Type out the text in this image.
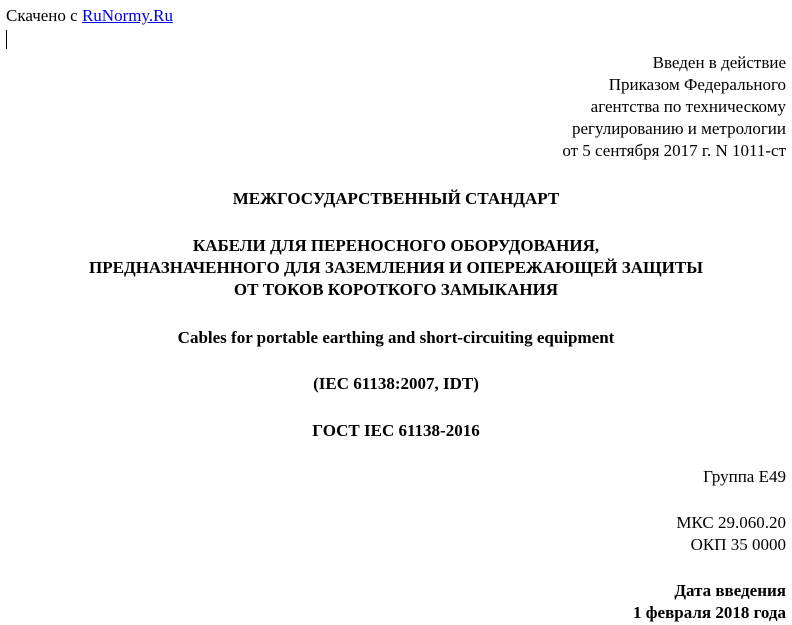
Скачено с RuNormy.Ru
Введен в действие
Приказом Федерального
агентства по техническому
регулированию и метрологии
от 5 сентября 2017 г. N 1011-ст
МЕЖГОСУДАРСТВЕННЫЙ СТАНДАРТ
КАБЕЛИ ДЛЯ ПЕРЕНОСНОГО ОБОРУДОВАНИЯ,
ПРЕДНАЗНАЧЕННОГО ДЛЯ ЗАЗЕМЛЕНИЯ И ОПЕРЕЖАЮЩЕЙ ЗАЩИТЫ
ОТ ТОКОВ КОРОТКОГО ЗАМЫКАНИЯ
Cables for portable earthing and short-circuiting equipment
(IEC 61138:2007, IDT)
ГОСТ IEC 61138-2016
Группа Е49
МКС 29.060.20
ОКП 35 0000
Дата введения
1 февраля 2018 года
